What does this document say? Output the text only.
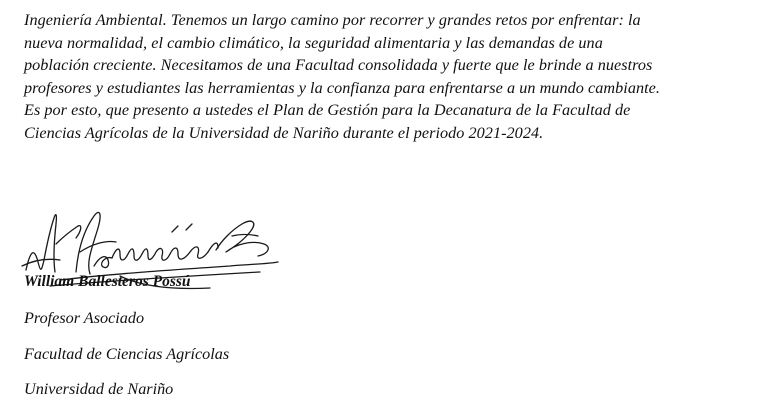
Ingeniería Ambiental. Tenemos un largo camino por recorrer y grandes retos por enfrentar: la
nueva normalidad, el cambio climático, la seguridad alimentaria y las demandas de una
población creciente. Necesitamos de una Facultad consolidada y fuerte que le brinde a nuestros
profesores y estudiantes las herramientas y la confianza para enfrentarse a un mundo cambiante.
Es por esto, que presento a ustedes el Plan de Gestión para la Decanatura de la Facultad de
Ciencias Agrícolas de la Universidad de Nariño durante el periodo 2021-2024.

William Ballesteros Possú
Profesor Asociado
Facultad de Ciencias Agrícolas
Universidad de Nariño
